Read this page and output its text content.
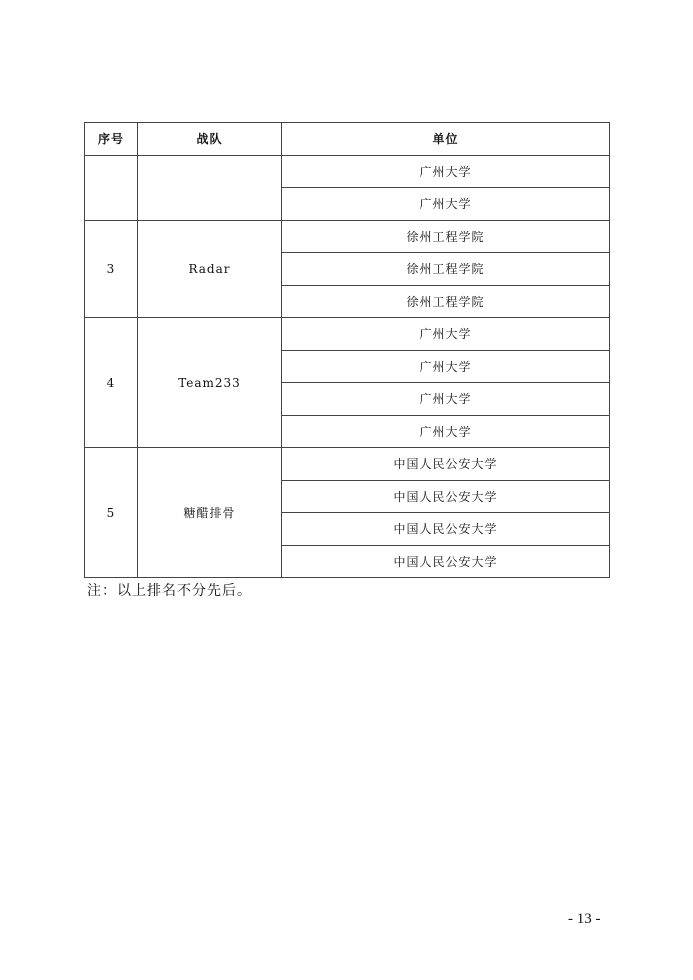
序号	战队	单位
		广州大学
		广州大学
3	Radar	徐州工程学院
		徐州工程学院
		徐州工程学院
4	Team233	广州大学
		广州大学
		广州大学
		广州大学
5	糖醋排骨	中国人民公安大学
		中国人民公安大学
		中国人民公安大学
		中国人民公安大学
注：以上排名不分先后。
- 13 -
